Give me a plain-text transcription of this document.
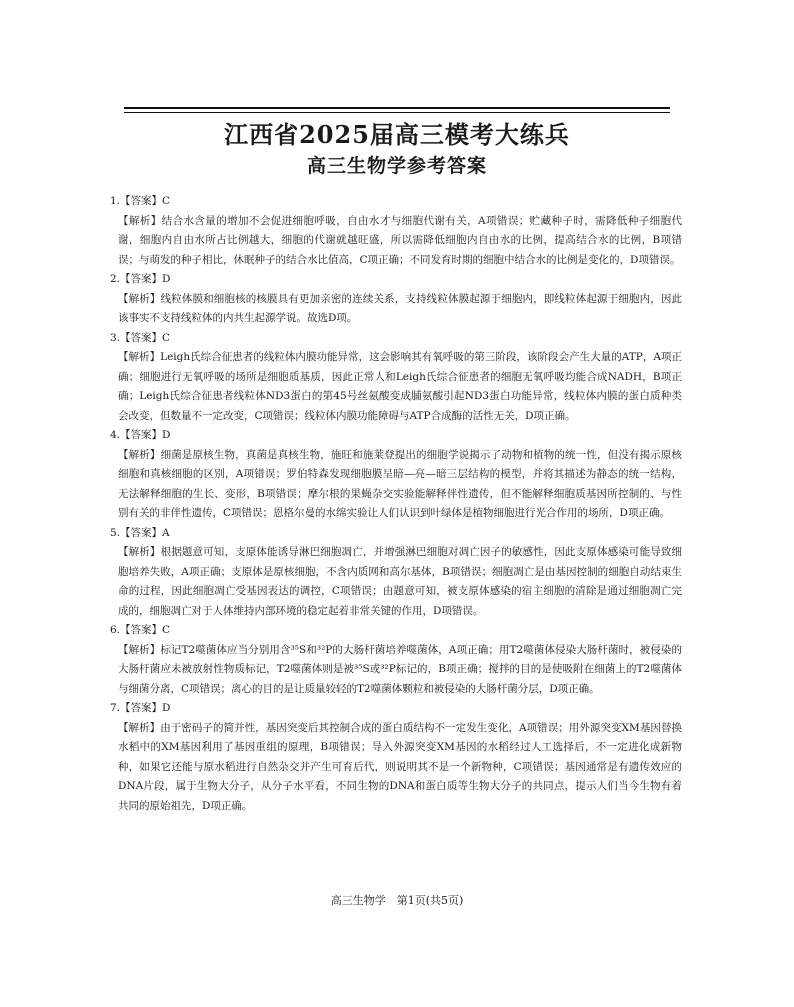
江西省2025届高三模考大练兵
高三生物学参考答案
1.【答案】C

【解析】结合水含量的增加不会促进细胞呼吸，自由水才与细胞代谢有关，A项错误；贮藏种子时，需降低种子细胞代谢，细胞内自由水所占比例越大，细胞的代谢就越旺盛，所以需降低细胞内自由水的比例，提高结合水的比例，B项错误；与萌发的种子相比，休眠种子的结合水比值高，C项正确；不同发育时期的细胞中结合水的比例是变化的，D项错误。

2.【答案】D

【解析】线粒体膜和细胞核的核膜具有更加亲密的连续关系，支持线粒体膜起源于细胞内，即线粒体起源于细胞内，因此该事实不支持线粒体的内共生起源学说。故选D项。

3.【答案】C

【解析】Leigh氏综合征患者的线粒体内膜功能异常，这会影响其有氧呼吸的第三阶段，该阶段会产生大量的ATP，A项正确；细胞进行无氧呼吸的场所是细胞质基质，因此正常人和Leigh氏综合征患者的细胞无氧呼吸均能合成NADH，B项正确；Leigh氏综合征患者线粒体ND3蛋白的第45号丝氨酸变成脯氨酸引起ND3蛋白功能异常，线粒体内膜的蛋白质种类会改变，但数量不一定改变，C项错误；线粒体内膜功能障碍与ATP合成酶的活性无关，D项正确。

4.【答案】D

【解析】细菌是原核生物，真菌是真核生物，施旺和施莱登提出的细胞学说揭示了动物和植物的统一性，但没有揭示原核细胞和真核细胞的区别，A项错误；罗伯特森发现细胞膜呈暗—亮—暗三层结构的模型，并将其描述为静态的统一结构，无法解释细胞的生长、变形，B项错误；摩尔根的果蝇杂交实验能解释伴性遗传，但不能解释细胞质基因所控制的、与性别有关的非伴性遗传，C项错误；恩格尔曼的水绵实验让人们认识到叶绿体是植物细胞进行光合作用的场所，D项正确。

5.【答案】A

【解析】根据题意可知，支原体能诱导淋巴细胞凋亡，并增强淋巴细胞对凋亡因子的敏感性，因此支原体感染可能导致细胞培养失败，A项正确；支原体是原核细胞，不含内质网和高尔基体，B项错误；细胞凋亡是由基因控制的细胞自动结束生命的过程，因此细胞凋亡受基因表达的调控，C项错误；由题意可知，被支原体感染的宿主细胞的清除是通过细胞凋亡完成的，细胞凋亡对于人体维持内部环境的稳定起着非常关键的作用，D项错误。

6.【答案】C

【解析】标记T2噬菌体应当分别用含³⁵S和³²P的大肠杆菌培养噬菌体，A项正确；用T2噬菌体侵染大肠杆菌时，被侵染的大肠杆菌应未被放射性物质标记，T2噬菌体则是被³⁵S或³²P标记的，B项正确；搅拌的目的是使吸附在细菌上的T2噬菌体与细菌分离，C项错误；离心的目的是让质量较轻的T2噬菌体颗粒和被侵染的大肠杆菌分层，D项正确。

7.【答案】D

【解析】由于密码子的简并性，基因突变后其控制合成的蛋白质结构不一定发生变化，A项错误；用外源突变XM基因替换水稻中的XM基因利用了基因重组的原理，B项错误；导入外源突变XM基因的水稻经过人工选择后，不一定进化成新物种，如果它还能与原水稻进行自然杂交并产生可育后代，则说明其不是一个新物种，C项错误；基因通常是有遗传效应的DNA片段，属于生物大分子，从分子水平看，不同生物的DNA和蛋白质等生物大分子的共同点，提示人们当今生物有着共同的原始祖先，D项正确。

高三生物学　第1页(共5页)
